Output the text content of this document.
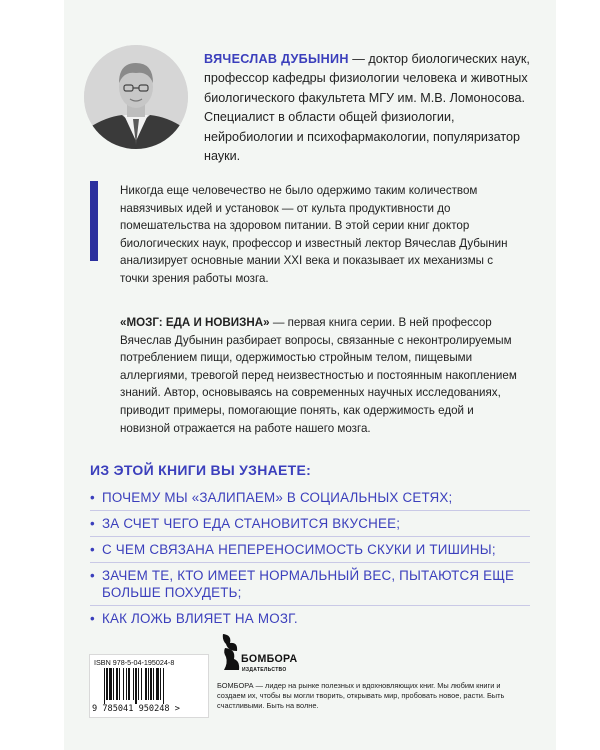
ВЯЧЕСЛАВ ДУБЫНИН — доктор биологических наук, профессор кафедры физиологии человека и животных биологического факультета МГУ им. М.В. Ломоносова. Специалист в области общей физиологии, нейробиологии и психофармакологии, популяризатор науки.
Никогда еще человечество не было одержимо таким количеством навязчивых идей и установок — от культа продуктивности до помешательства на здоровом питании. В этой серии книг доктор биологических наук, профессор и известный лектор Вячеслав Дубынин анализирует основные мании XXI века и показывает их механизмы с точки зрения работы мозга.
«МОЗГ: ЕДА И НОВИЗНА» — первая книга серии. В ней профессор Вячеслав Дубынин разбирает вопросы, связанные с неконтролируемым потреблением пищи, одержимостью стройным телом, пищевыми аллергиями, тревогой перед неизвестностью и постоянным накоплением знаний. Автор, основываясь на современных научных исследованиях, приводит примеры, помогающие понять, как одержимость едой и новизной отражается на работе нашего мозга.
ИЗ ЭТОЙ КНИГИ ВЫ УЗНАЕТЕ:
• ПОЧЕМУ МЫ «ЗАЛИПАЕМ» В СОЦИАЛЬНЫХ СЕТЯХ;
• ЗА СЧЕТ ЧЕГО ЕДА СТАНОВИТСЯ ВКУСНЕЕ;
• С ЧЕМ СВЯЗАНА НЕПЕРЕНОСИМОСТЬ СКУКИ И ТИШИНЫ;
• ЗАЧЕМ ТЕ, КТО ИМЕЕТ НОРМАЛЬНЫЙ ВЕС, ПЫТАЮТСЯ ЕЩЕ БОЛЬШЕ ПОХУДЕТЬ;
• КАК ЛОЖЬ ВЛИЯЕТ НА МОЗГ.
ISBN 978-5-04-195024-8
9 785041 950248 >
БОМБОРА
ИЗДАТЕЛЬСТВО
БОМБОРА — лидер на рынке полезных и вдохновляющих книг. Мы любим книги и создаем их, чтобы вы могли творить, открывать мир, пробовать новое, расти. Быть счастливыми. Быть на волне.
